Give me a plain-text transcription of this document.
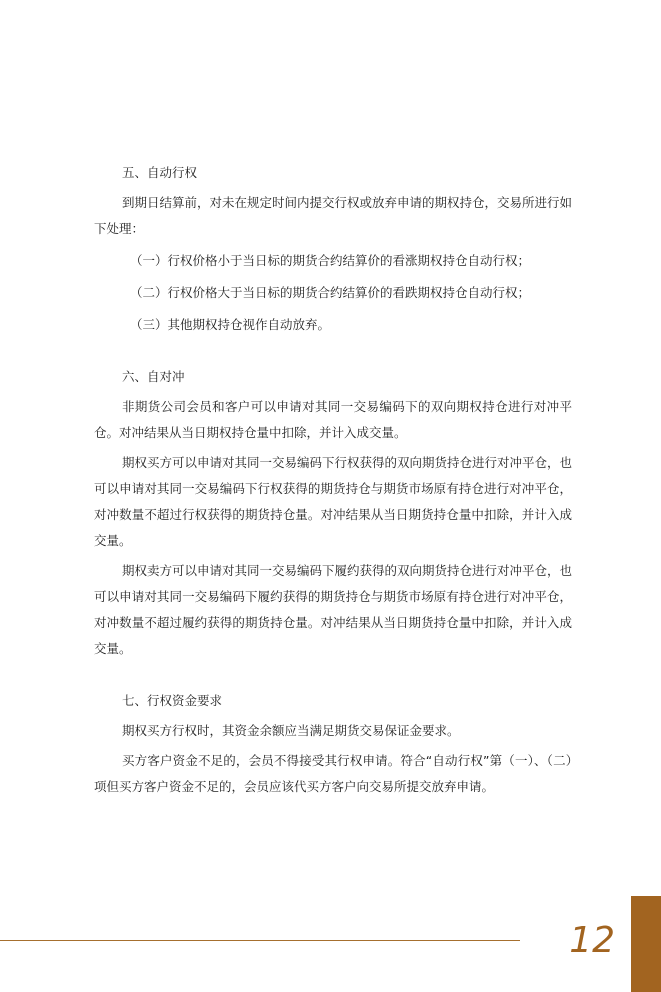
五、自动行权

到期日结算前，对未在规定时间内提交行权或放弃申请的期权持仓，交易所进行如下处理：

（一）行权价格小于当日标的期货合约结算价的看涨期权持仓自动行权；

（二）行权价格大于当日标的期货合约结算价的看跌期权持仓自动行权；

（三）其他期权持仓视作自动放弃。

六、自对冲

非期货公司会员和客户可以申请对其同一交易编码下的双向期权持仓进行对冲平仓。对冲结果从当日期权持仓量中扣除，并计入成交量。

期权买方可以申请对其同一交易编码下行权获得的双向期货持仓进行对冲平仓，也可以申请对其同一交易编码下行权获得的期货持仓与期货市场原有持仓进行对冲平仓，对冲数量不超过行权获得的期货持仓量。对冲结果从当日期货持仓量中扣除，并计入成交量。

期权卖方可以申请对其同一交易编码下履约获得的双向期货持仓进行对冲平仓，也可以申请对其同一交易编码下履约获得的期货持仓与期货市场原有持仓进行对冲平仓，对冲数量不超过履约获得的期货持仓量。对冲结果从当日期货持仓量中扣除，并计入成交量。

七、行权资金要求

期权买方行权时，其资金余额应当满足期货交易保证金要求。

买方客户资金不足的，会员不得接受其行权申请。符合“自动行权”第（一）、（二）项但买方客户资金不足的，会员应该代买方客户向交易所提交放弃申请。

12
